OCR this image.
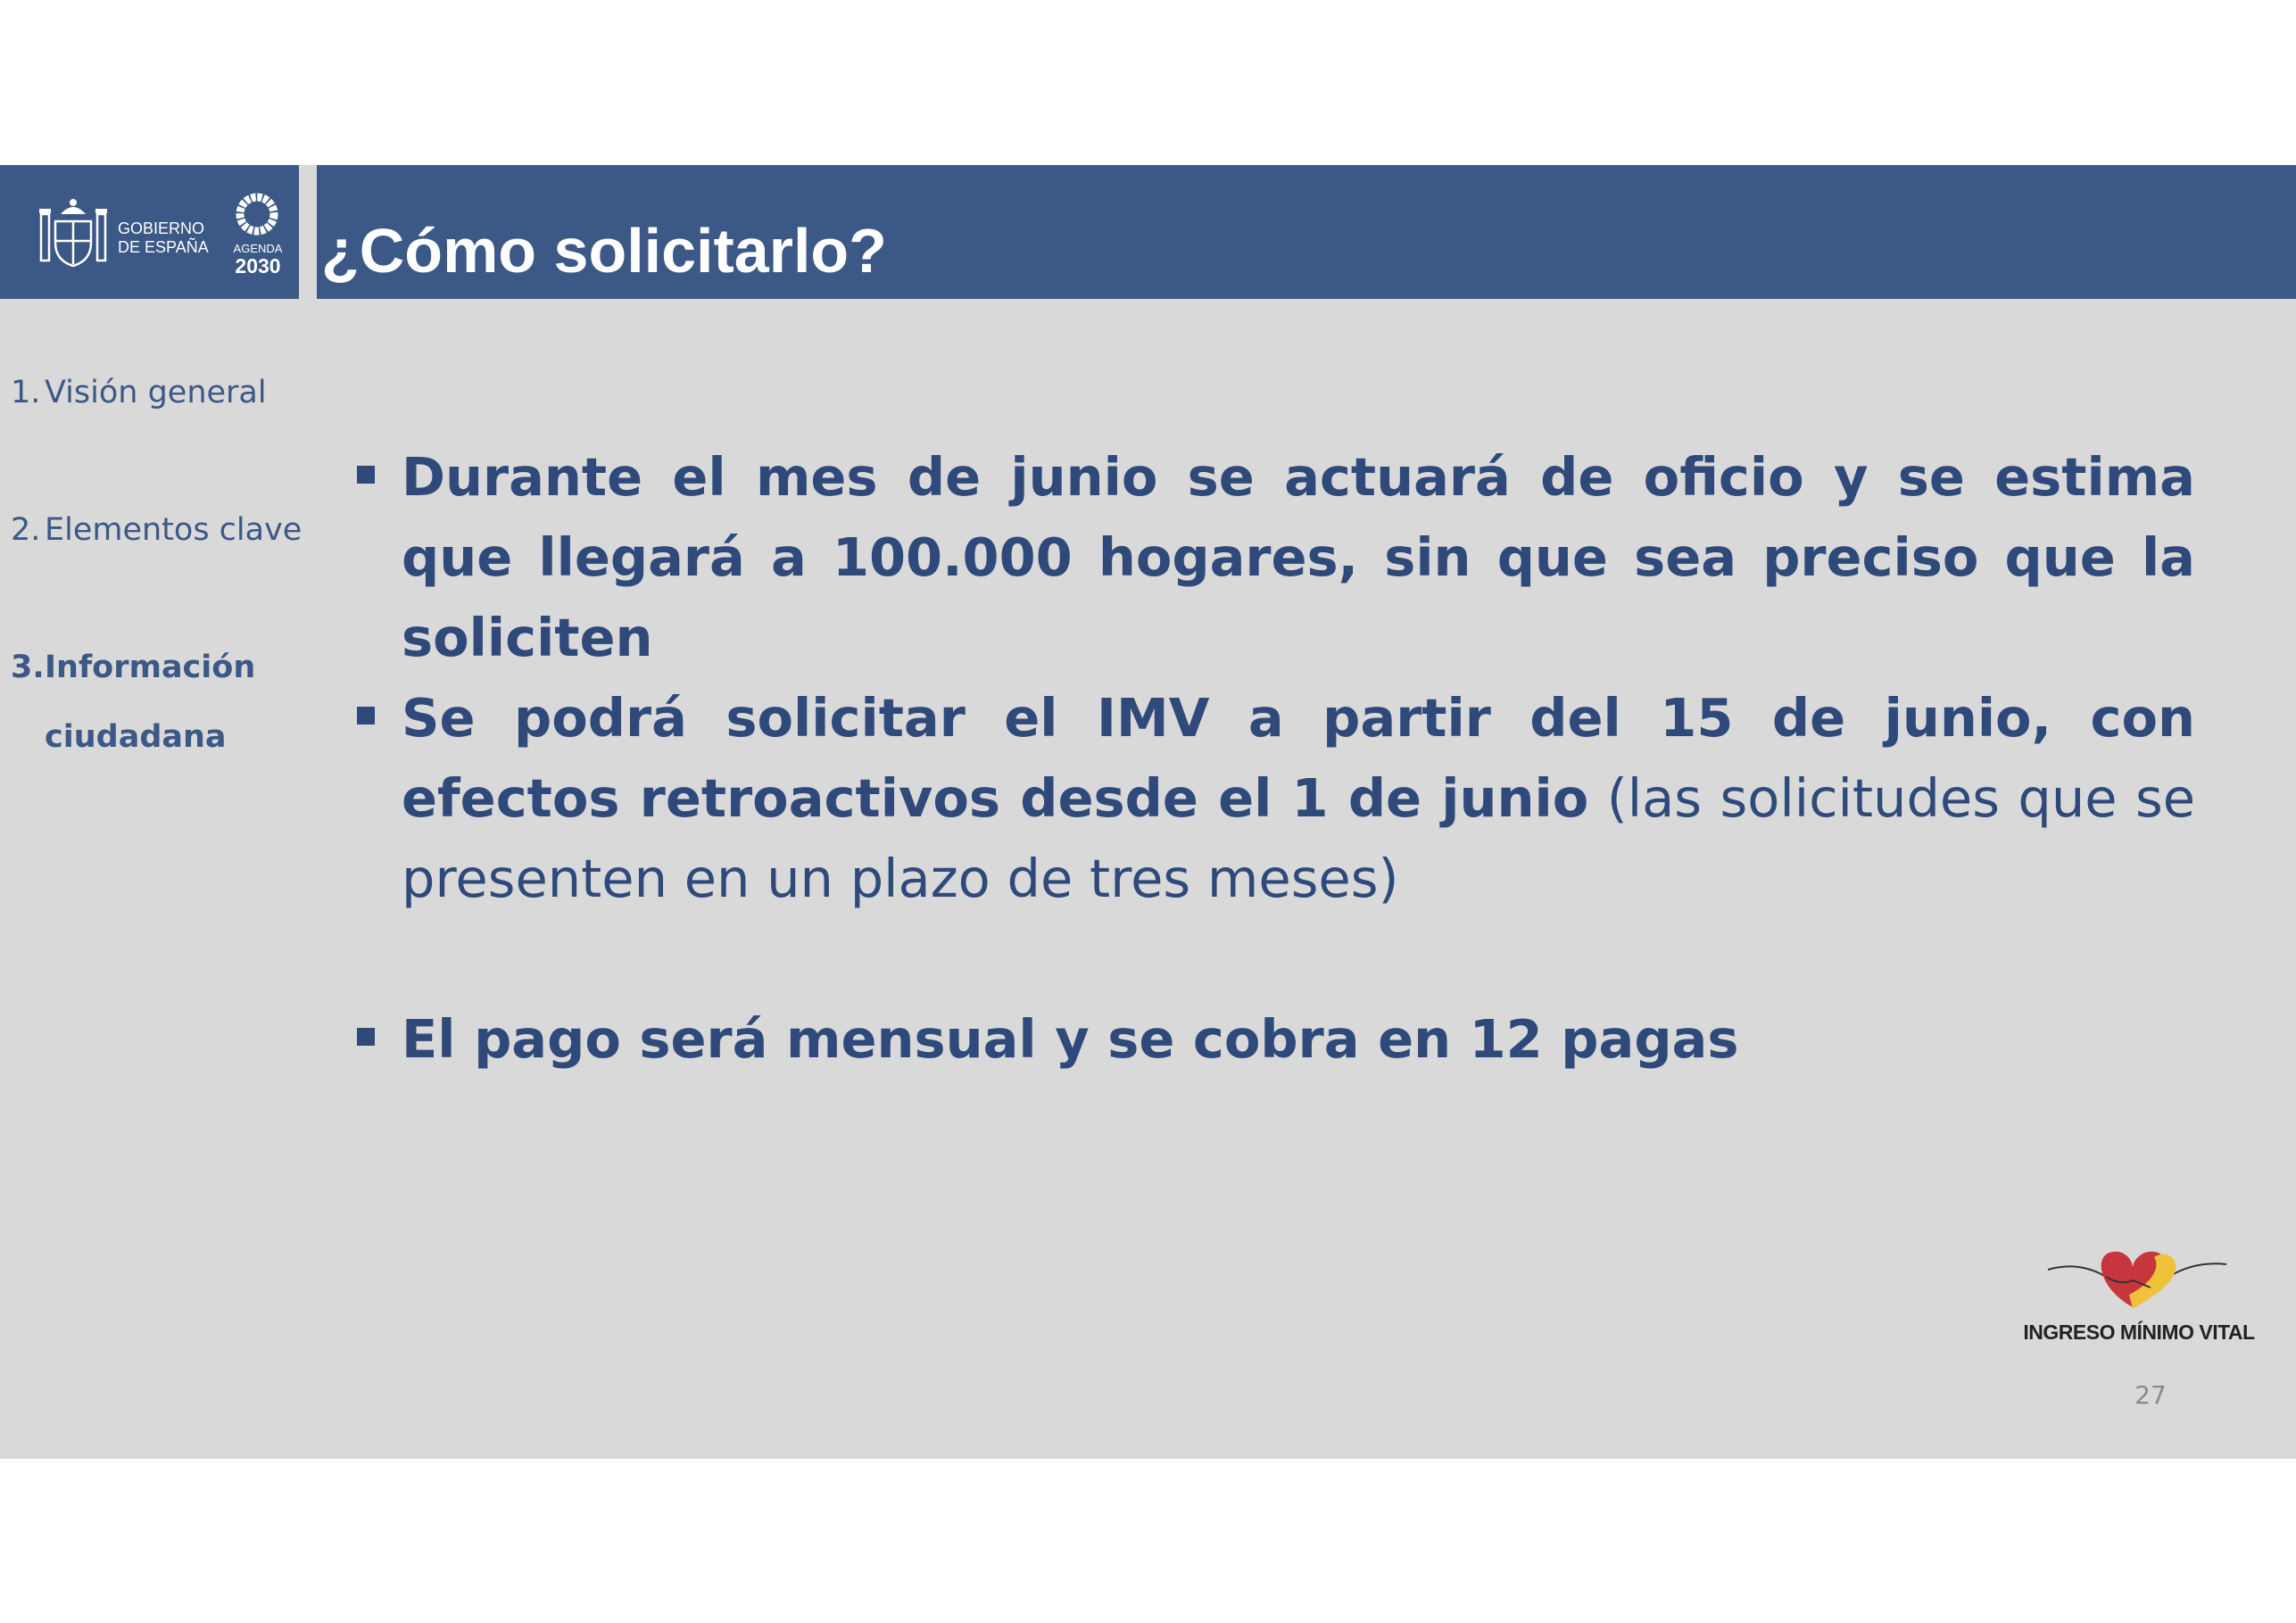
GOBIERNO
DE ESPAÑA	AGENDA
2030 ¿Cómo solicitarlo?
1. Visión general
2. Elementos clave
3.Información
ciudadana

Durante el mes de junio se actuará de oficio y se estima que llegará a 100.000 hogares, sin que sea preciso que la soliciten

Se podrá solicitar el IMV a partir del 15 de junio, con efectos retroactivos desde el 1 de junio (las solicitudes que se presenten en un plazo de tres meses)

El pago será mensual y se cobra en 12 pagas

INGRESO MÍNIMO VITAL
27
